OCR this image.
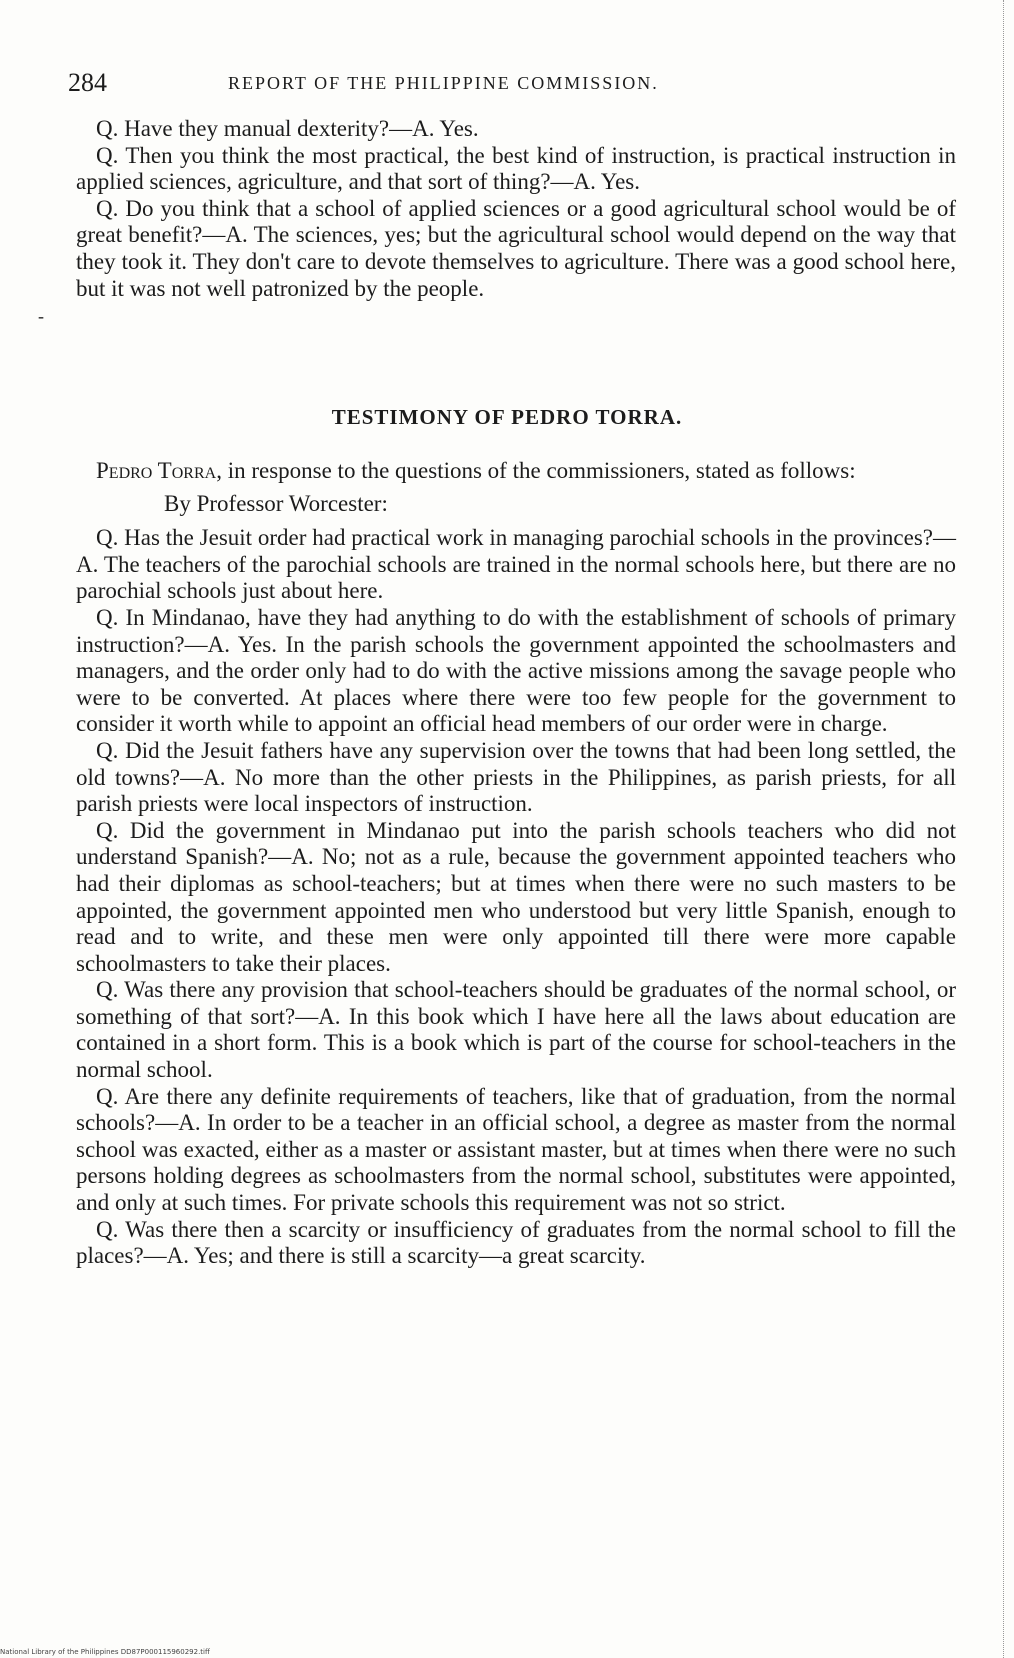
284	REPORT OF THE PHILIPPINE COMMISSION.

Q. Have they manual dexterity?—A. Yes.

Q. Then you think the most practical, the best kind of instruction, is practical instruction in applied sciences, agriculture, and that sort of thing?—A. Yes.

Q. Do you think that a school of applied sciences or a good agricultural school would be of great benefit?—A. The sciences, yes; but the agricultural school would depend on the way that they took it. They don't care to devote themselves to agriculture. There was a good school here, but it was not well patronized by the people.

TESTIMONY OF PEDRO TORRA.

Pedro Torra, in response to the questions of the commissioners, stated as follows:

By Professor Worcester:

Q. Has the Jesuit order had practical work in managing parochial schools in the provinces?—A. The teachers of the parochial schools are trained in the normal schools here, but there are no parochial schools just about here.

Q. In Mindanao, have they had anything to do with the establishment of schools of primary instruction?—A. Yes. In the parish schools the government appointed the schoolmasters and managers, and the order only had to do with the active missions among the savage people who were to be converted. At places where there were too few people for the government to consider it worth while to appoint an official head members of our order were in charge.

Q. Did the Jesuit fathers have any supervision over the towns that had been long settled, the old towns?—A. No more than the other priests in the Philippines, as parish priests, for all parish priests were local inspectors of instruction.

Q. Did the government in Mindanao put into the parish schools teachers who did not understand Spanish?—A. No; not as a rule, because the government appointed teachers who had their diplomas as school-teachers; but at times when there were no such masters to be appointed, the government appointed men who understood but very little Spanish, enough to read and to write, and these men were only appointed till there were more capable schoolmasters to take their places.

Q. Was there any provision that school-teachers should be graduates of the normal school, or something of that sort?—A. In this book which I have here all the laws about education are contained in a short form. This is a book which is part of the course for school-teachers in the normal school.

Q. Are there any definite requirements of teachers, like that of graduation, from the normal schools?—A. In order to be a teacher in an official school, a degree as master from the normal school was exacted, either as a master or assistant master, but at times when there were no such persons holding degrees as schoolmasters from the normal school, substitutes were appointed, and only at such times. For private schools this requirement was not so strict.

Q. Was there then a scarcity or insufficiency of graduates from the normal school to fill the places?—A. Yes; and there is still a scarcity—a great scarcity.

-
National Library of the Philippines DD87P000115960292.tiff
